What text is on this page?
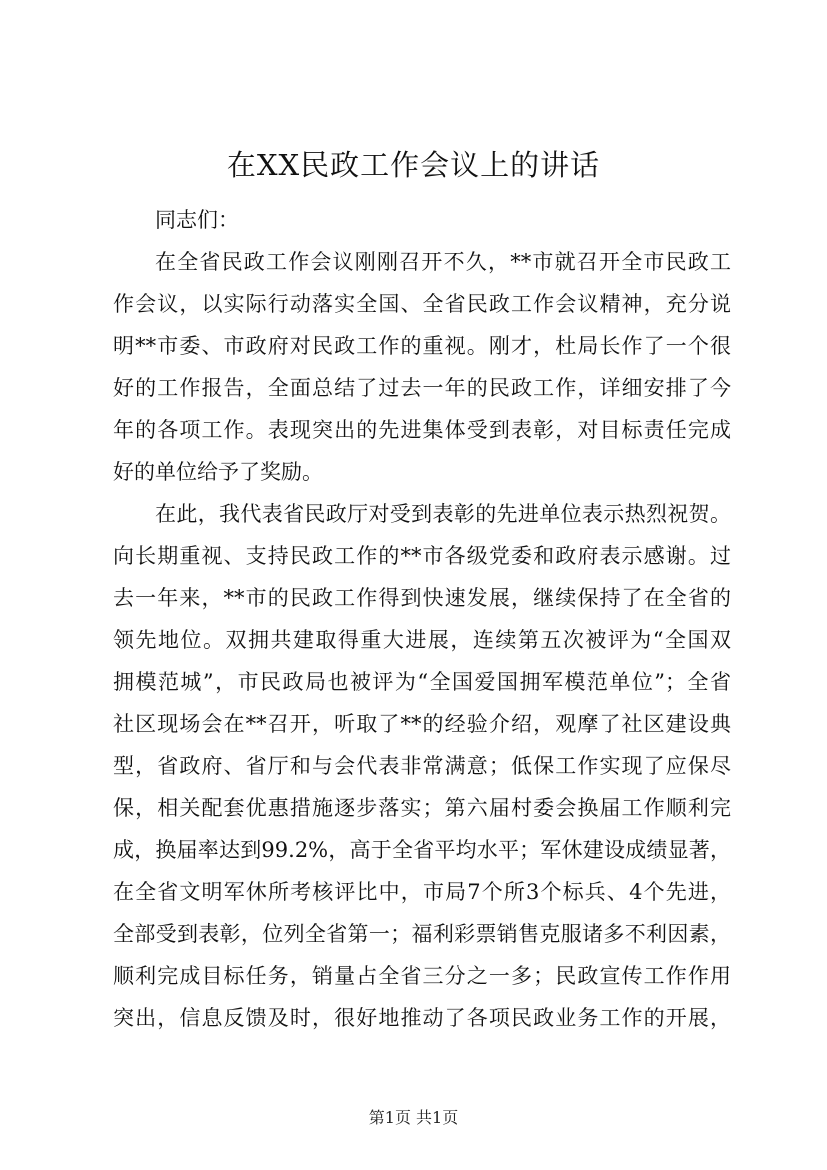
在XX民政工作会议上的讲话
同志们：
在全省民政工作会议刚刚召开不久，**市就召开全市民政工
作会议，以实际行动落实全国、全省民政工作会议精神，充分说
明**市委、市政府对民政工作的重视。刚才，杜局长作了一个很
好的工作报告，全面总结了过去一年的民政工作，详细安排了今
年的各项工作。表现突出的先进集体受到表彰，对目标责任完成
好的单位给予了奖励。
在此，我代表省民政厅对受到表彰的先进单位表示热烈祝贺。
向长期重视、支持民政工作的**市各级党委和政府表示感谢。过
去一年来，**市的民政工作得到快速发展，继续保持了在全省的
领先地位。双拥共建取得重大进展，连续第五次被评为“全国双
拥模范城”，市民政局也被评为“全国爱国拥军模范单位”；全省
社区现场会在**召开，听取了**的经验介绍，观摩了社区建设典
型，省政府、省厅和与会代表非常满意；低保工作实现了应保尽
保，相关配套优惠措施逐步落实；第六届村委会换届工作顺利完
成，换届率达到99.2%，高于全省平均水平；军休建设成绩显著，
在全省文明军休所考核评比中，市局7个所3个标兵、4个先进，
全部受到表彰，位列全省第一；福利彩票销售克服诸多不利因素，
顺利完成目标任务，销量占全省三分之一多；民政宣传工作作用
突出，信息反馈及时，很好地推动了各项民政业务工作的开展，
第1页 共1页
